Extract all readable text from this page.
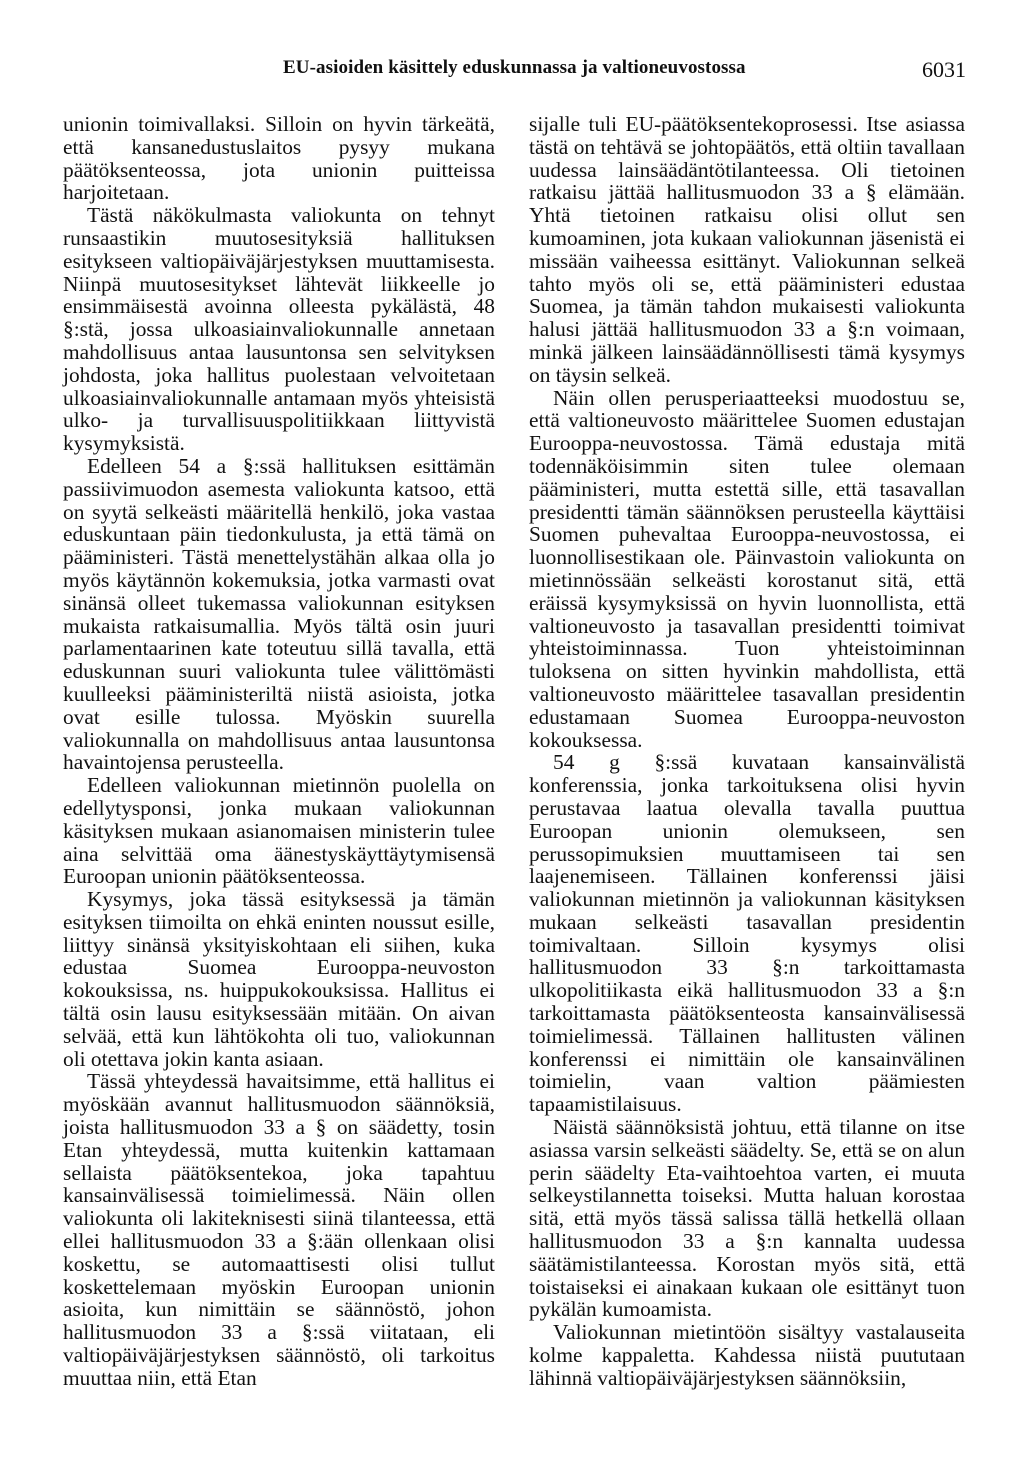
EU-asioiden käsittely eduskunnassa ja valtioneuvostossa	6031

unionin toimivallaksi. Silloin on hyvin tärkeätä, että kansanedustuslaitos pysyy mukana päätöksenteossa, jota unionin puitteissa harjoitetaan.

Tästä näkökulmasta valiokunta on tehnyt runsaastikin muutosesityksiä hallituksen esitykseen valtiopäiväjärjestyksen muuttamisesta. Niinpä muutosesitykset lähtevät liikkeelle jo ensimmäisestä avoinna olleesta pykälästä, 48 §:stä, jossa ulkoasiainvaliokunnalle annetaan mahdollisuus antaa lausuntonsa sen selvityksen johdosta, joka hallitus puolestaan velvoitetaan ulkoasiainvaliokunnalle antamaan myös yhteisistä ulko- ja turvallisuuspolitiikkaan liittyvistä kysymyksistä.

Edelleen 54 a §:ssä hallituksen esittämän passiivimuodon asemesta valiokunta katsoo, että on syytä selkeästi määritellä henkilö, joka vastaa eduskuntaan päin tiedonkulusta, ja että tämä on pääministeri. Tästä menettelystähän alkaa olla jo myös käytännön kokemuksia, jotka varmasti ovat sinänsä olleet tukemassa valiokunnan esityksen mukaista ratkaisumallia. Myös tältä osin juuri parlamentaarinen kate toteutuu sillä tavalla, että eduskunnan suuri valiokunta tulee välittömästi kuulleeksi pääministeriltä niistä asioista, jotka ovat esille tulossa. Myöskin suurella valiokunnalla on mahdollisuus antaa lausuntonsa havaintojensa perusteella.

Edelleen valiokunnan mietinnön puolella on edellytysponsi, jonka mukaan valiokunnan käsityksen mukaan asianomaisen ministerin tulee aina selvittää oma äänestyskäyttäytymisensä Euroopan unionin päätöksenteossa.

Kysymys, joka tässä esityksessä ja tämän esityksen tiimoilta on ehkä eninten noussut esille, liittyy sinänsä yksityiskohtaan eli siihen, kuka edustaa Suomea Eurooppa-neuvoston kokouksissa, ns. huippukokouksissa. Hallitus ei tältä osin lausu esityksessään mitään. On aivan selvää, että kun lähtökohta oli tuo, valiokunnan oli otettava jokin kanta asiaan.

Tässä yhteydessä havaitsimme, että hallitus ei myöskään avannut hallitusmuodon säännöksiä, joista hallitusmuodon 33 a § on säädetty, tosin Etan yhteydessä, mutta kuitenkin kattamaan sellaista päätöksentekoa, joka tapahtuu kansainvälisessä toimielimessä. Näin ollen valiokunta oli lakiteknisesti siinä tilanteessa, että ellei hallitusmuodon 33 a §:ään ollenkaan olisi koskettu, se automaattisesti olisi tullut koskettelemaan myöskin Euroopan unionin asioita, kun nimittäin se säännöstö, johon hallitusmuodon 33 a §:ssä viitataan, eli valtiopäiväjärjestyksen säännöstö, oli tarkoitus muuttaa niin, että Etan

sijalle tuli EU-päätöksentekoprosessi. Itse asiassa tästä on tehtävä se johtopäätös, että oltiin tavallaan uudessa lainsäädäntötilanteessa. Oli tietoinen ratkaisu jättää hallitusmuodon 33 a § elämään. Yhtä tietoinen ratkaisu olisi ollut sen kumoaminen, jota kukaan valiokunnan jäsenistä ei missään vaiheessa esittänyt. Valiokunnan selkeä tahto myös oli se, että pääministeri edustaa Suomea, ja tämän tahdon mukaisesti valiokunta halusi jättää hallitusmuodon 33 a §:n voimaan, minkä jälkeen lainsäädännöllisesti tämä kysymys on täysin selkeä.

Näin ollen perusperiaatteeksi muodostuu se, että valtioneuvosto määrittelee Suomen edustajan Eurooppa-neuvostossa. Tämä edustaja mitä todennäköisimmin siten tulee olemaan pääministeri, mutta estettä sille, että tasavallan presidentti tämän säännöksen perusteella käyttäisi Suomen puhevaltaa Eurooppa-neuvostossa, ei luonnollisestikaan ole. Päinvastoin valiokunta on mietinnössään selkeästi korostanut sitä, että eräissä kysymyksissä on hyvin luonnollista, että valtioneuvosto ja tasavallan presidentti toimivat yhteistoiminnassa. Tuon yhteistoiminnan tuloksena on sitten hyvinkin mahdollista, että valtioneuvosto määrittelee tasavallan presidentin edustamaan Suomea Eurooppa-neuvoston kokouksessa.

54 g §:ssä kuvataan kansainvälistä konferenssia, jonka tarkoituksena olisi hyvin perustavaa laatua olevalla tavalla puuttua Euroopan unionin olemukseen, sen perussopimuksien muuttamiseen tai sen laajenemiseen. Tällainen konferenssi jäisi valiokunnan mietinnön ja valiokunnan käsityksen mukaan selkeästi tasavallan presidentin toimivaltaan. Silloin kysymys olisi hallitusmuodon 33 §:n tarkoittamasta ulkopolitiikasta eikä hallitusmuodon 33 a §:n tarkoittamasta päätöksenteosta kansainvälisessä toimielimessä. Tällainen hallitusten välinen konferenssi ei nimittäin ole kansainvälinen toimielin, vaan valtion päämiesten tapaamistilaisuus.

Näistä säännöksistä johtuu, että tilanne on itse asiassa varsin selkeästi säädelty. Se, että se on alun perin säädelty Eta-vaihtoehtoa varten, ei muuta selkeystilannetta toiseksi. Mutta haluan korostaa sitä, että myös tässä salissa tällä hetkellä ollaan hallitusmuodon 33 a §:n kannalta uudessa säätämistilanteessa. Korostan myös sitä, että toistaiseksi ei ainakaan kukaan ole esittänyt tuon pykälän kumoamista.

Valiokunnan mietintöön sisältyy vastalauseita kolme kappaletta. Kahdessa niistä puututaan lähinnä valtiopäiväjärjestyksen säännöksiin,
